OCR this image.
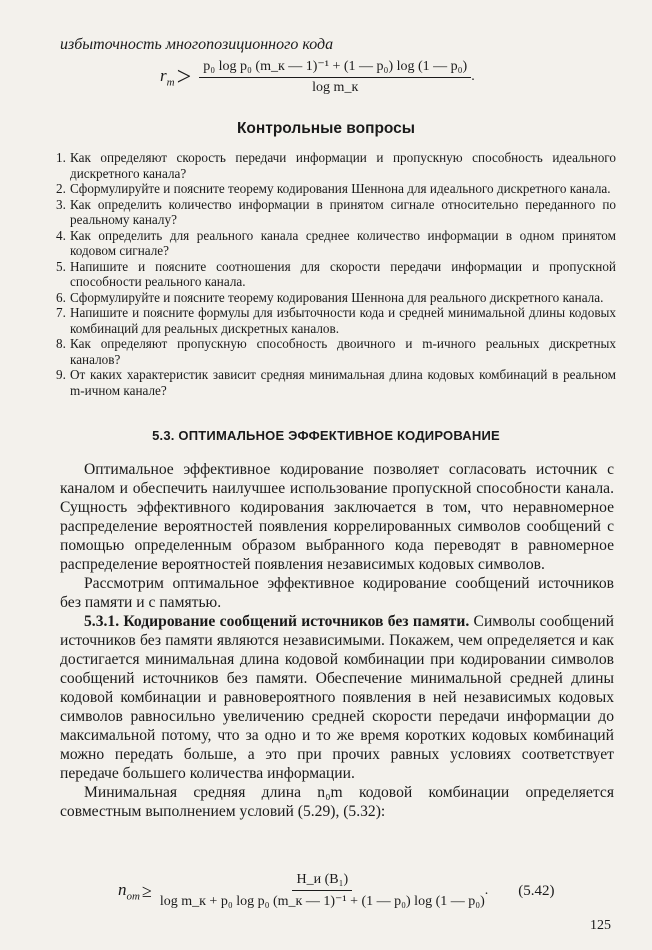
избыточность многопозиционного кода
$r_m > \frac{\text{p₀ log p₀ (m\_к — 1)⁻¹ + (1 — p₀) log (1 — p₀)}}{\text{log m\_к}}$ .
Контрольные вопросы
1. Как определяют скорость передачи информации и пропускную способность идеального дискретного канала?
2. Сформулируйте и поясните теорему кодирования Шеннона для идеального дискретного канала.
3. Как определить количество информации в принятом сигнале относительно переданного по реальному каналу?
4. Как определить для реального канала среднее количество информации в одном принятом кодовом сигнале?
5. Напишите и поясните соотношения для скорости передачи информации и пропускной способности реального канала.
6. Сформулируйте и поясните теорему кодирования Шеннона для реального дискретного канала.
7. Напишите и поясните формулы для избыточности кода и средней минимальной длины кодовых комбинаций для реальных дискретных каналов.
8. Как определяют пропускную способность двоичного и m-ичного реальных дискретных каналов?
9. От каких характеристик зависит средняя минимальная длина кодовых комбинаций в реальном m-ичном канале?
5.3. ОПТИМАЛЬНОЕ ЭФФЕКТИВНОЕ КОДИРОВАНИЕ

Оптимальное эффективное кодирование позволяет согласовать источник с каналом и обеспечить наилучшее использование пропускной способности канала. Сущность эффективного кодирования заключается в том, что неравномерное распределение вероятностей появления коррелированных символов сообщений с помощью определенным образом выбранного кода переводят в равномерное распределение вероятностей появления независимых кодовых символов.

Рассмотрим оптимальное эффективное кодирование сообщений источников без памяти и с памятью.

5.3.1. Кодирование сообщений источников без памяти. Символы сообщений источников без памяти являются независимыми. Покажем, чем определяется и как достигается минимальная длина кодовой комбинации при кодировании символов сообщений источников без памяти. Обеспечение минимальной средней длины кодовой комбинации и равновероятного появления в ней независимых кодовых символов равносильно увеличению средней скорости передачи информации до максимальной потому, что за одно и то же время коротких кодовых комбинаций можно передать больше, а это при прочих равных условиях соответствует передаче большего количества информации.

Минимальная средняя длина n₀m кодовой комбинации определяется совместным выполнением условий (5.29), (5.32):

$n_{om} \ge \frac{\text{H\_и (B₁)}}{\text{log m\_к + p₀ log p₀ (m\_к — 1)⁻¹ + (1 — p₀) log (1 — p₀)}}$ . (5.42)
125
